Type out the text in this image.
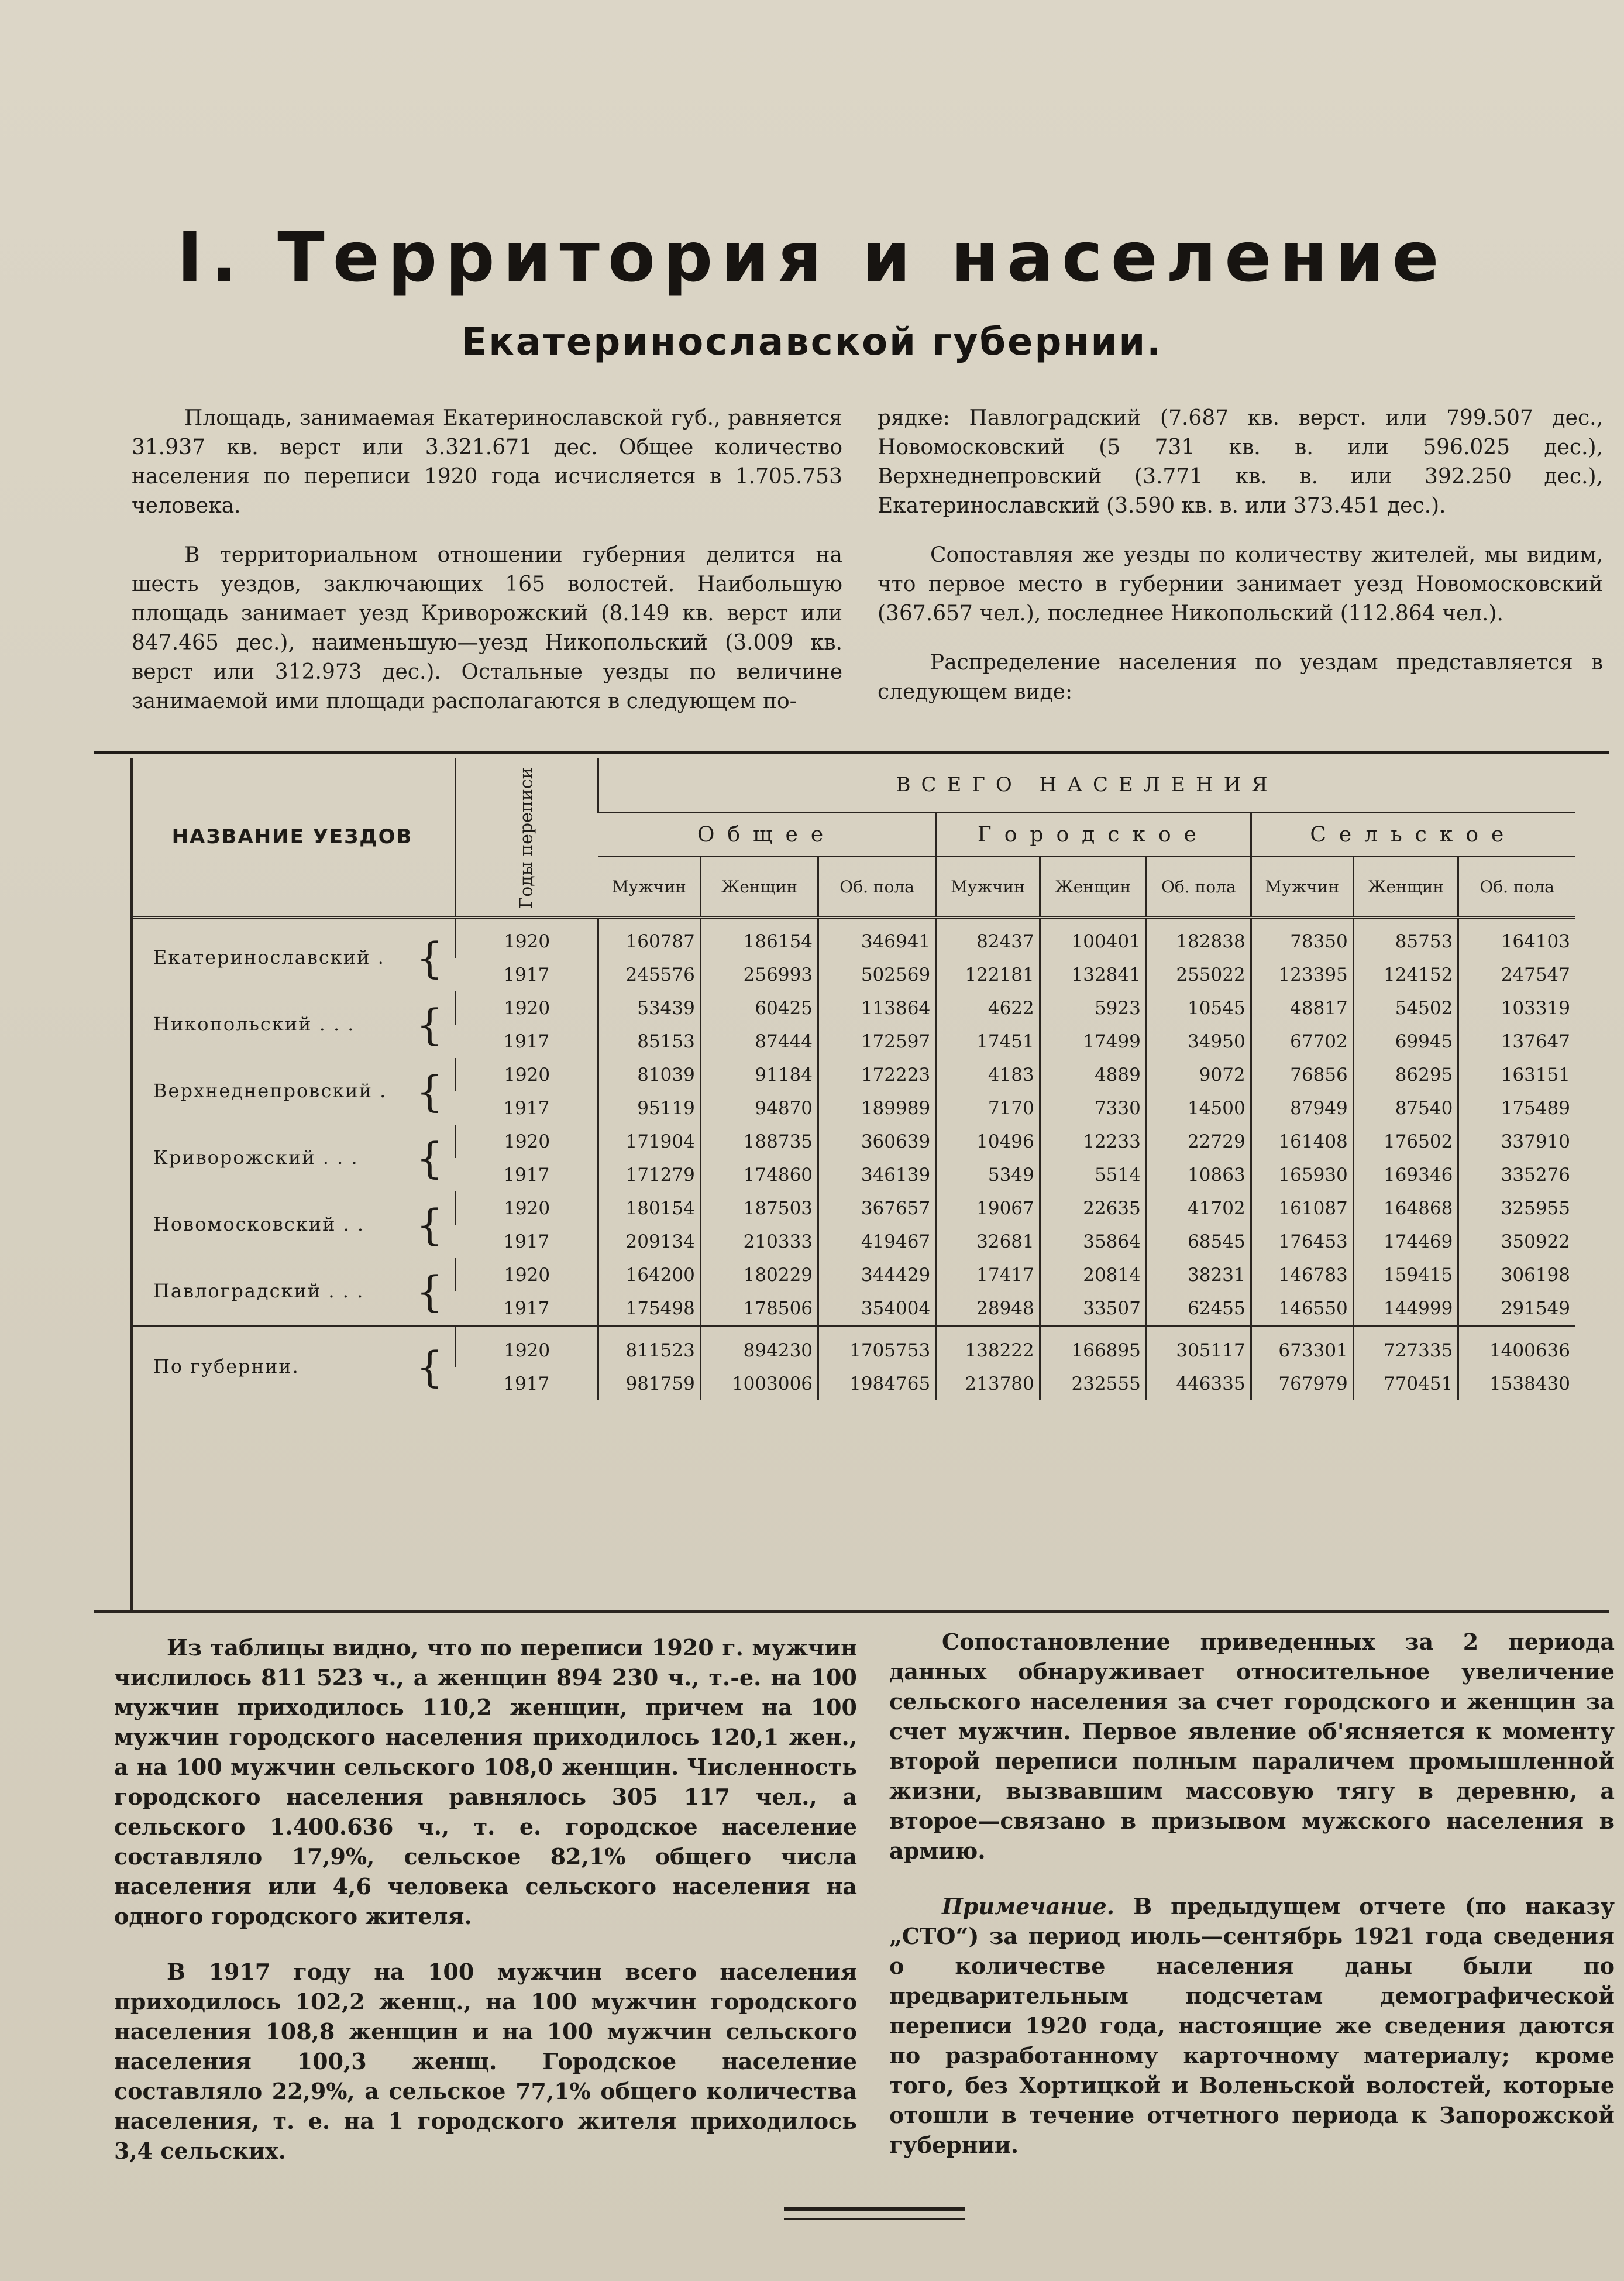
I. Территория и население
Екатеринославской губернии.

Площадь, занимаемая Екатеринославской губ., равняется 31.937 кв. верст или 3.321.671 дес. Общее количество населения по переписи 1920 года исчисляется в 1.705.753 человека.

В территориальном отношении губерния делится на шесть уездов, заключающих 165 волостей. Наибольшую площадь занимает уезд Криворожский (8.149 кв. верст или 847.465 дес.), наименьшую—уезд Никопольский (3.009 кв. верст или 312.973 дес.). Остальные уезды по величине занимаемой ими площади располагаются в следующем по-

рядке: Павлоградский (7.687 кв. верст. или 799.507 дес., Новомосковский (5 731 кв. в. или 596.025 дес.), Верхнеднепровский (3.771 кв. в. или 392.250 дес.), Екатеринославский (3.590 кв. в. или 373.451 дес.).

Сопоставляя же уезды по количеству жителей, мы видим, что первое место в губернии занимает уезд Новомосковский (367.657 чел.), последнее Никопольский (112.864 чел.).

Распределение населения по уездам представляется в следующем виде:

НАЗВАНИЕ УЕЗДОВ	Годы переписи	ВСЕГО НАСЕЛЕНИЯ								
		Общее			Городское			Сельское		
		Мужчин	Женщин	Об. пола	Мужчин	Женщин	Об. пола	Мужчин	Женщин	Об. пола
Екатеринославский . {	1920	160787	186154	346941	82437	100401	182838	78350	85753	164103
	1917	245576	256993	502569	122181	132841	255022	123395	124152	247547
Никопольский . . . {	1920	53439	60425	113864	4622	5923	10545	48817	54502	103319
	1917	85153	87444	172597	17451	17499	34950	67702	69945	137647
Верхнеднепровский . {	1920	81039	91184	172223	4183	4889	9072	76856	86295	163151
	1917	95119	94870	189989	7170	7330	14500	87949	87540	175489
Криворожский . . . {	1920	171904	188735	360639	10496	12233	22729	161408	176502	337910
	1917	171279	174860	346139	5349	5514	10863	165930	169346	335276
Новомосковский . . {	1920	180154	187503	367657	19067	22635	41702	161087	164868	325955
	1917	209134	210333	419467	32681	35864	68545	176453	174469	350922
Павлоградский . . . {	1920	164200	180229	344429	17417	20814	38231	146783	159415	306198
	1917	175498	178506	354004	28948	33507	62455	146550	144999	291549
По губернии. {	1920	811523	894230	1705753	138222	166895	305117	673301	727335	1400636
	1917	981759	1003006	1984765	213780	232555	446335	767979	770451	1538430

Из таблицы видно, что по переписи 1920 г. мужчин числилось 811 523 ч., а женщин 894 230 ч., т.-е. на 100 мужчин приходилось 110,2 женщин, причем на 100 мужчин городского населения приходилось 120,1 жен., а на 100 мужчин сельского 108,0 женщин. Численность городского населения равнялось 305 117 чел., а сельского 1.400.636 ч., т. е. городское население составляло 17,9%, сельское 82,1% общего числа населения или 4,6 человека сельского населения на одного городского жителя.

В 1917 году на 100 мужчин всего населения приходилось 102,2 женщ., на 100 мужчин городского населения 108,8 женщин и на 100 мужчин сельского населения 100,3 женщ. Городское население составляло 22,9%, а сельское 77,1% общего количества населения, т. е. на 1 городского жителя приходилось 3,4 сельских.

Сопостановление приведенных за 2 периода данных обнаруживает относительное увеличение сельского населения за счет городского и женщин за счет мужчин. Первое явление об'ясняется к моменту второй переписи полным параличем промышленной жизни, вызвавшим массовую тягу в деревню, а второе—связано в призывом мужского населения в армию.

Примечание. В предыдущем отчете (по наказу „СТО“) за период июль—сентябрь 1921 года сведения о количестве населения даны были по предварительным подсчетам демографической переписи 1920 года, настоящие же сведения даются по разработанному карточному материалу; кроме того, без Хортицкой и Воленьской волостей, которые отошли в течение отчетного периода к Запорожской губернии.
